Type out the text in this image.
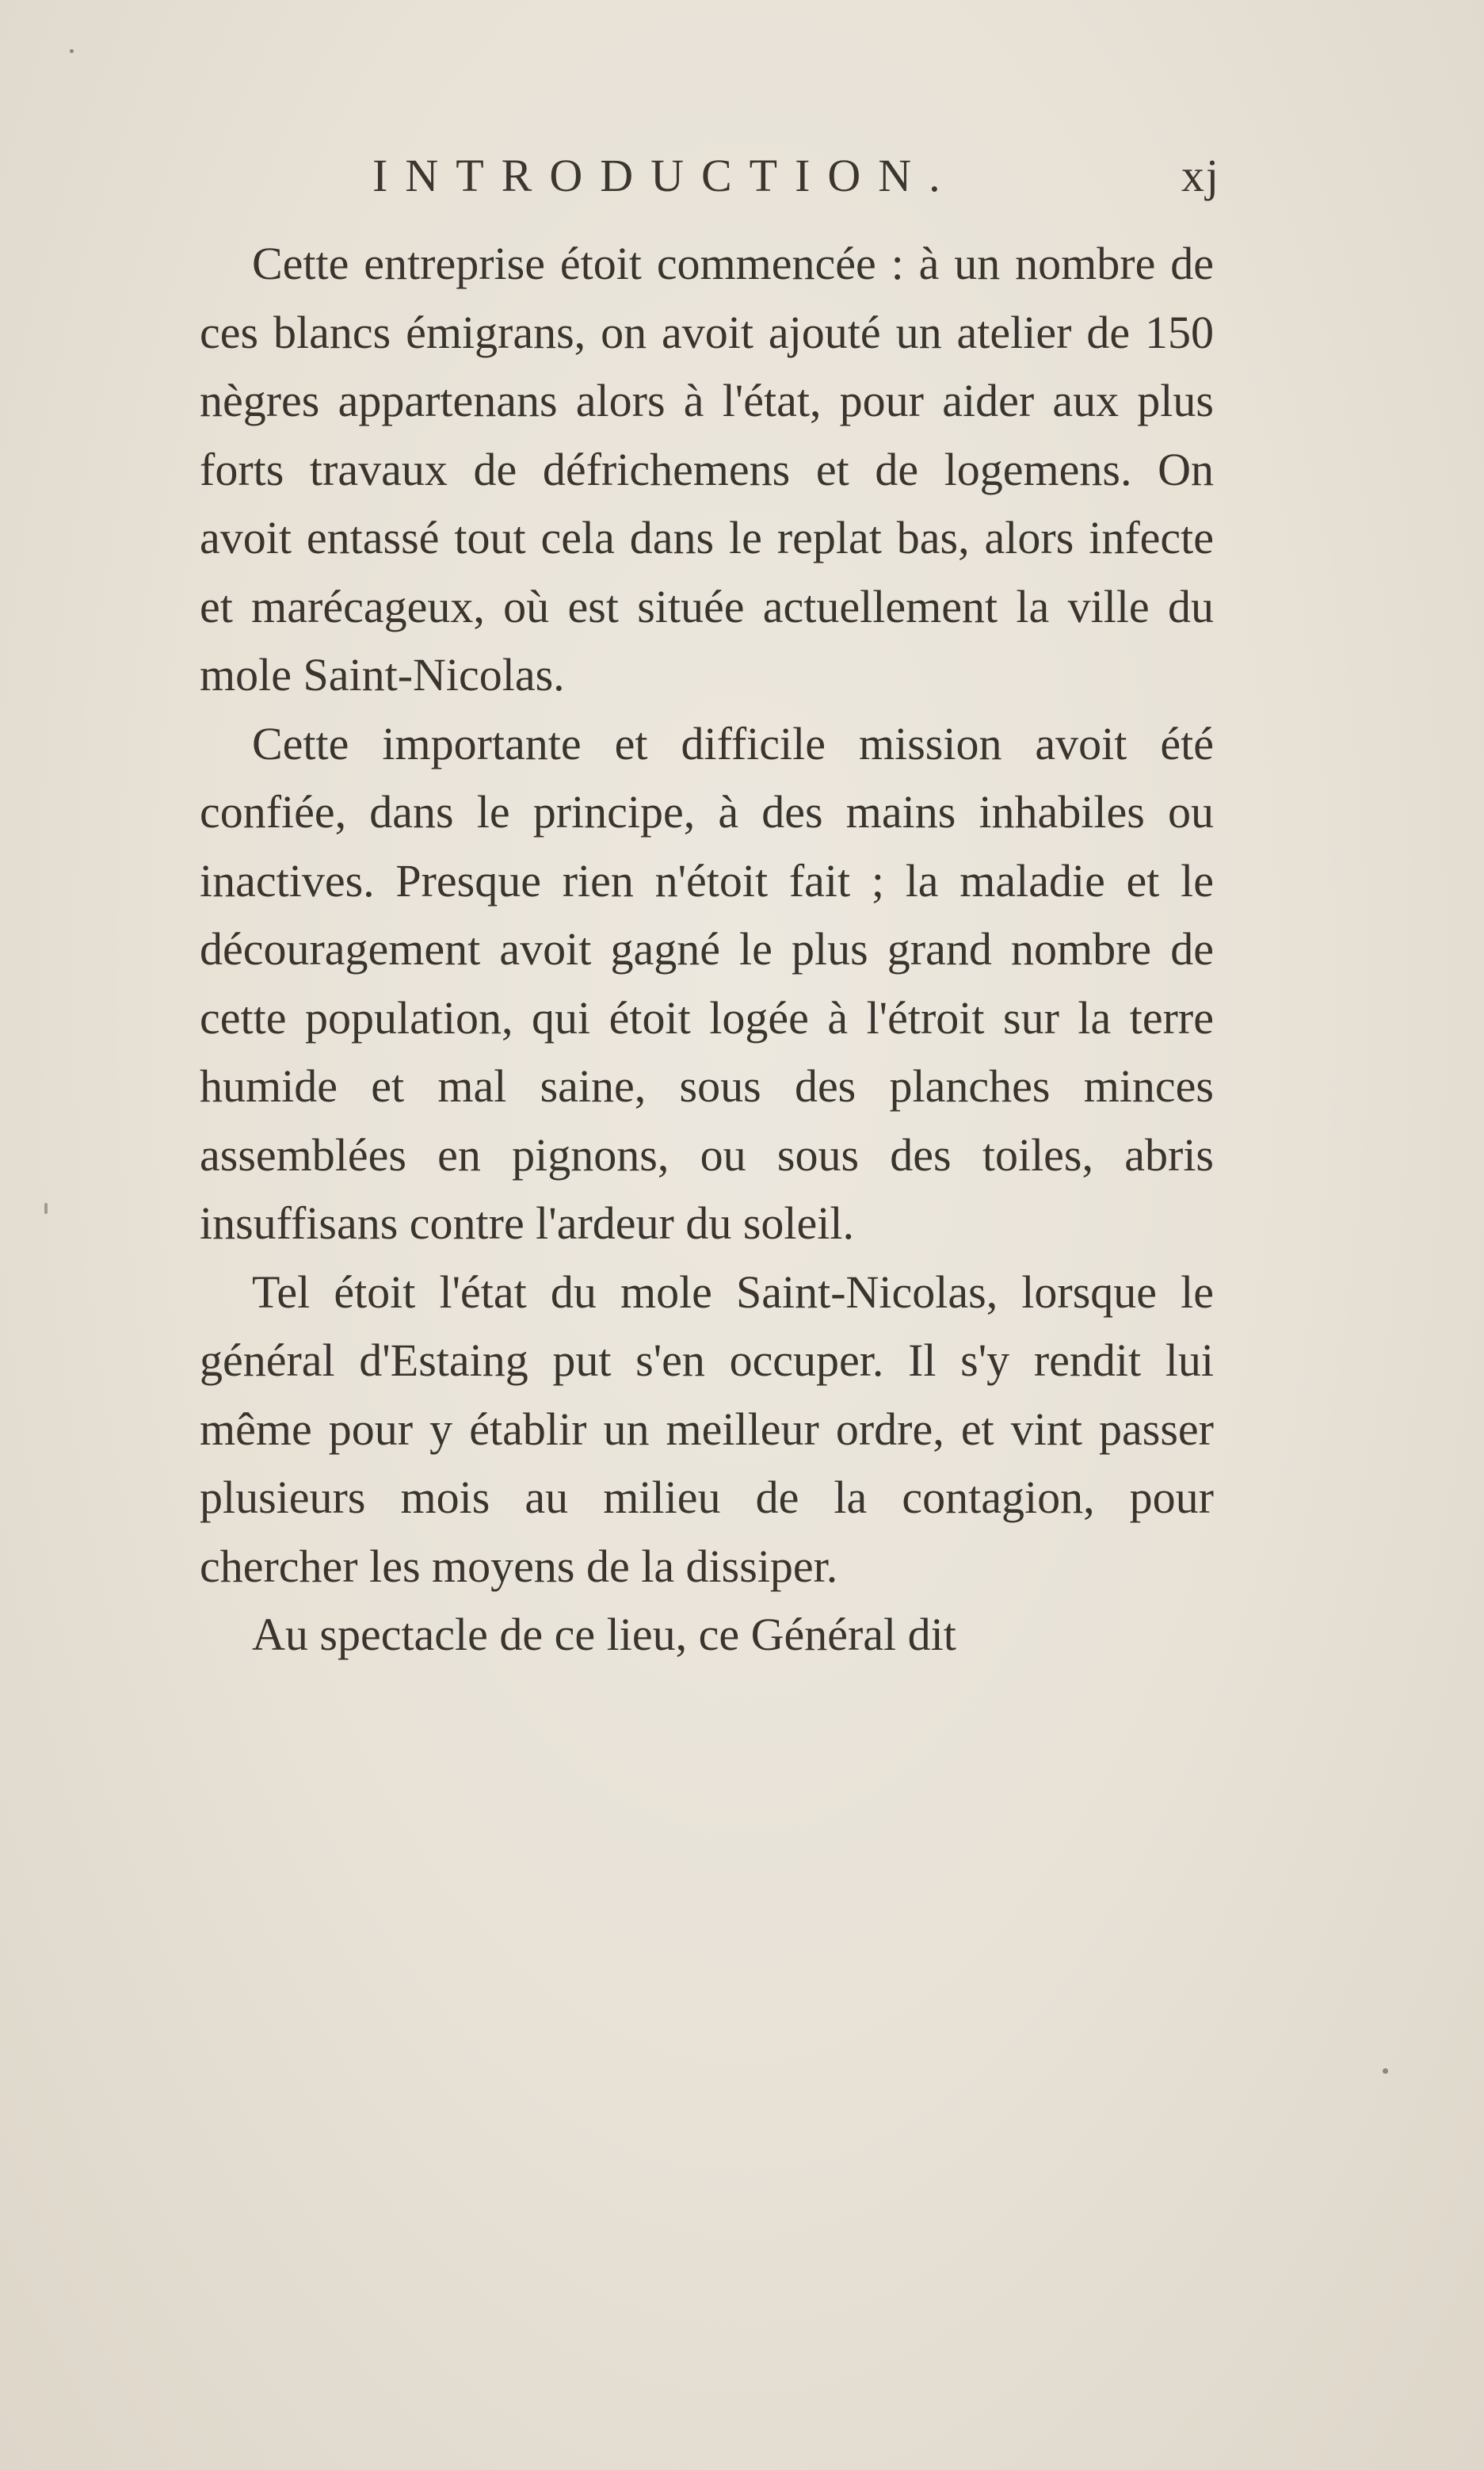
INTRODUCTION.	xj

Cette entreprise étoit commencée : à un nombre de ces blancs émigrans, on avoit ajouté un atelier de 150 nègres appartenans alors à l'état, pour aider aux plus forts travaux de défrichemens et de logemens. On avoit entassé tout cela dans le replat bas, alors infecte et marécageux, où est située actuellement la ville du mole Saint-Nicolas.

Cette importante et difficile mission avoit été confiée, dans le principe, à des mains inhabiles ou inactives. Presque rien n'étoit fait ; la maladie et le découragement avoit gagné le plus grand nombre de cette population, qui étoit logée à l'étroit sur la terre humide et mal saine, sous des planches minces assemblées en pignons, ou sous des toiles, abris insuffisans contre l'ardeur du soleil.

Tel étoit l'état du mole Saint-Nicolas, lorsque le général d'Estaing put s'en occuper. Il s'y rendit lui même pour y établir un meilleur ordre, et vint passer plusieurs mois au milieu de la contagion, pour chercher les moyens de la dissiper.

Au spectacle de ce lieu, ce Général dit
